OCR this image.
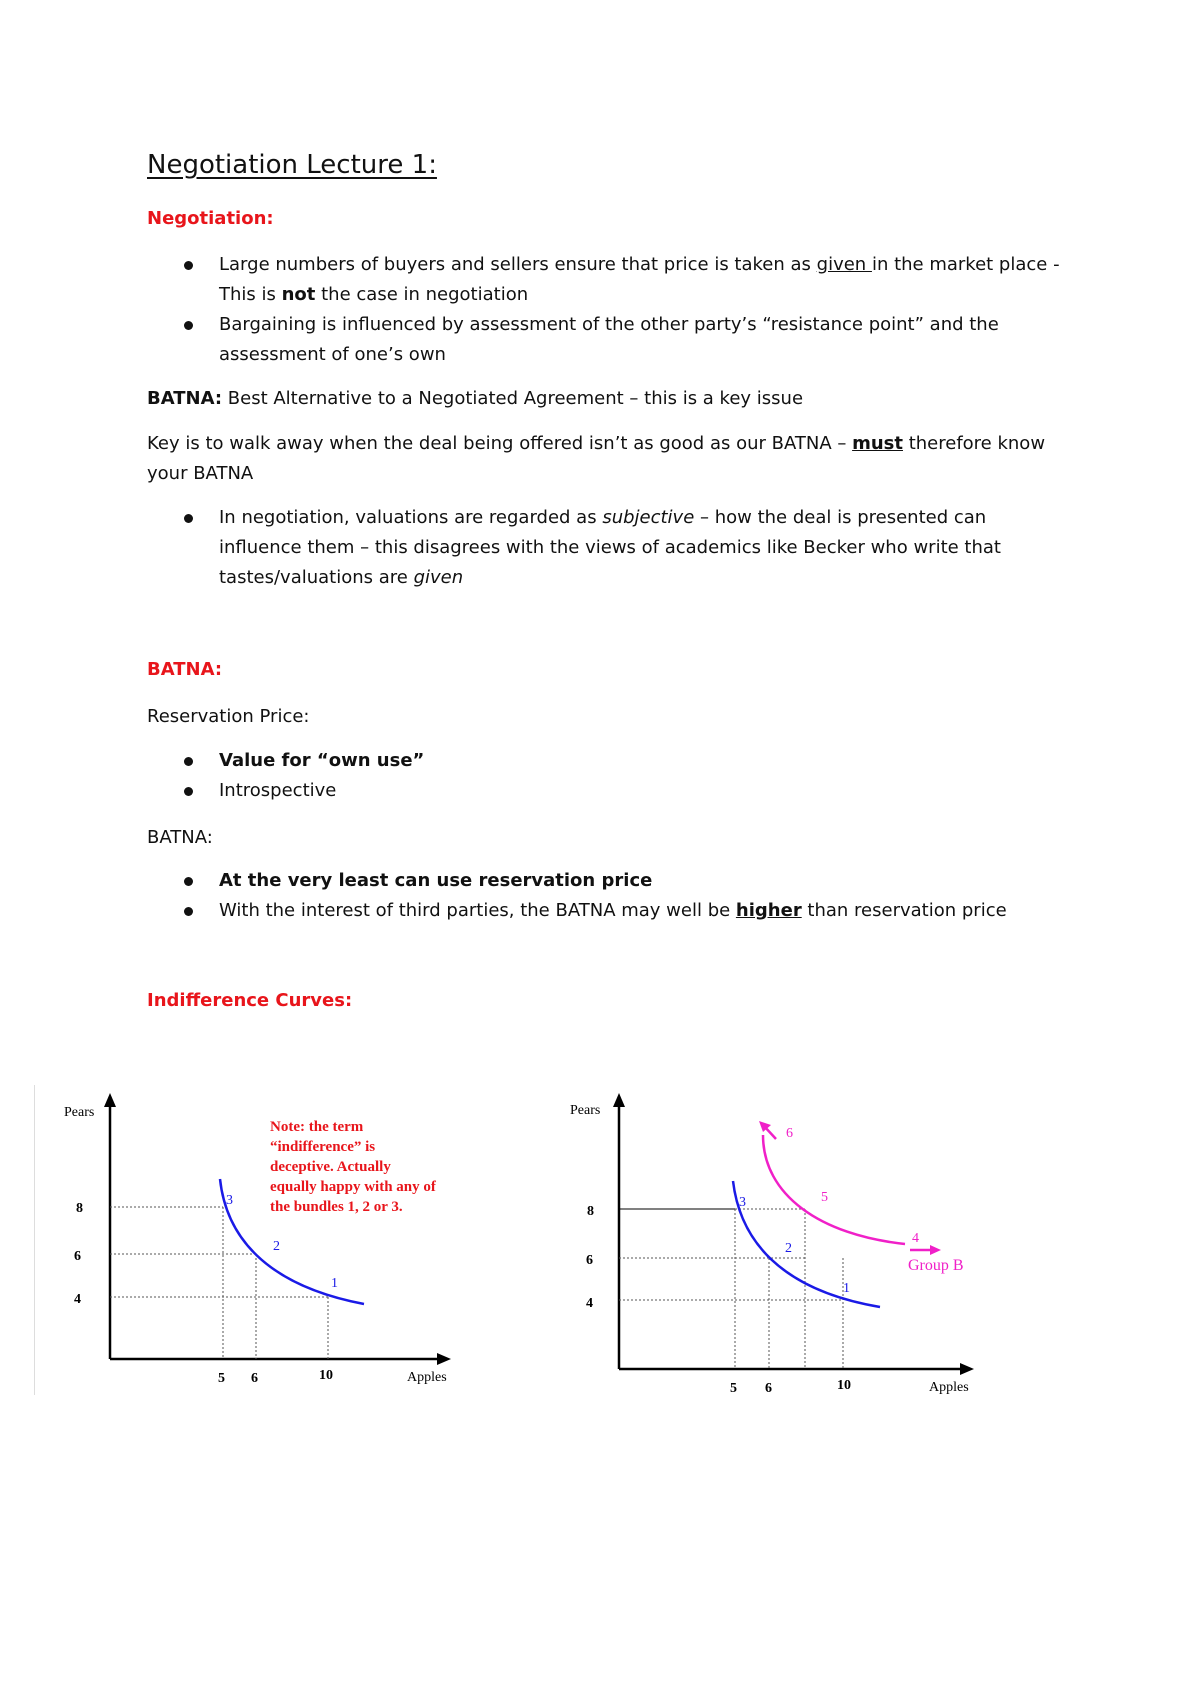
Negotiation Lecture 1:
Negotiation:
Large numbers of buyers and sellers ensure that price is taken as given in the market place - This is not the case in negotiation
Bargaining is influenced by assessment of the other party’s “resistance point” and the assessment of one’s own
BATNA: Best Alternative to a Negotiated Agreement – this is a key issue
Key is to walk away when the deal being offered isn’t as good as our BATNA – must therefore know your BATNA
In negotiation, valuations are regarded as subjective – how the deal is presented can influence them – this disagrees with the views of academics like Becker who write that tastes/valuations are given
BATNA:
Reservation Price:
Value for “own use”
Introspective
BATNA:
At the very least can use reservation price
With the interest of third parties, the BATNA may well be higher than reservation price
Indifference Curves:
Pears
Apples
8
6
4
5 6	10
3
2
1
Note: the term
“indifference” is
deceptive. Actually
equally happy with any of
the bundles 1, 2 or 3.
Pears
Apples
8
6
4
5 6	10
3
2
1
6
5
4
Group B
